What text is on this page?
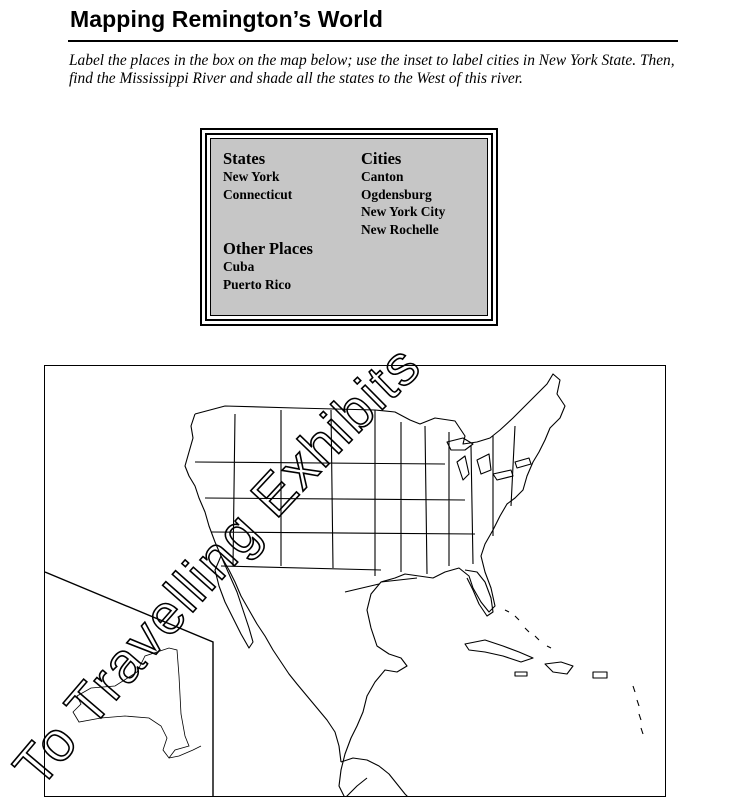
Mapping Remington’s World

Label the places in the box on the map below; use the inset to label cities in New York State. Then, find the Mississippi River and shade all the states to the West of this river.

States
New York
Connecticut
Cities
Canton
Ogdensburg
New York City
New Rochelle
Other Places
Cuba
Puerto Rico
To Travelling Exhibits
